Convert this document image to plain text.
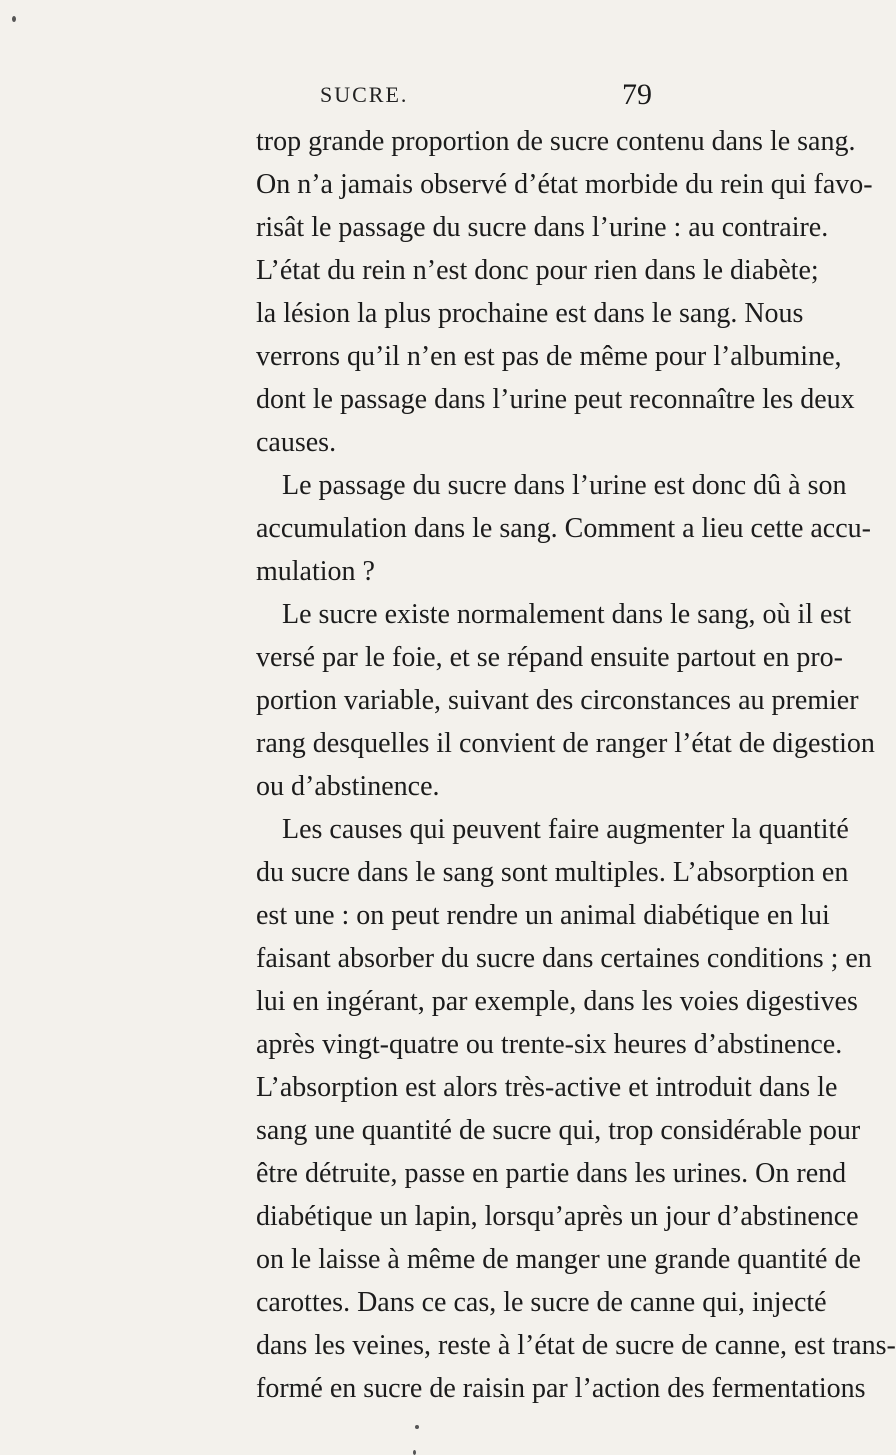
SUCRE.	79
trop grande proportion de sucre contenu dans le sang.
On n’a jamais observé d’état morbide du rein qui favo-
risât le passage du sucre dans l’urine : au contraire.
L’état du rein n’est donc pour rien dans le diabète;
la lésion la plus prochaine est dans le sang. Nous
verrons qu’il n’en est pas de même pour l’albumine,
dont le passage dans l’urine peut reconnaître les deux
causes.
Le passage du sucre dans l’urine est donc dû à son
accumulation dans le sang. Comment a lieu cette accu-
mulation ?
Le sucre existe normalement dans le sang, où il est
versé par le foie, et se répand ensuite partout en pro-
portion variable, suivant des circonstances au premier
rang desquelles il convient de ranger l’état de digestion
ou d’abstinence.
Les causes qui peuvent faire augmenter la quantité
du sucre dans le sang sont multiples. L’absorption en
est une : on peut rendre un animal diabétique en lui
faisant absorber du sucre dans certaines conditions ; en
lui en ingérant, par exemple, dans les voies digestives
après vingt-quatre ou trente-six heures d’abstinence.
L’absorption est alors très-active et introduit dans le
sang une quantité de sucre qui, trop considérable pour
être détruite, passe en partie dans les urines. On rend
diabétique un lapin, lorsqu’après un jour d’abstinence
on le laisse à même de manger une grande quantité de
carottes. Dans ce cas, le sucre de canne qui, injecté
dans les veines, reste à l’état de sucre de canne, est trans-
formé en sucre de raisin par l’action des fermentations
